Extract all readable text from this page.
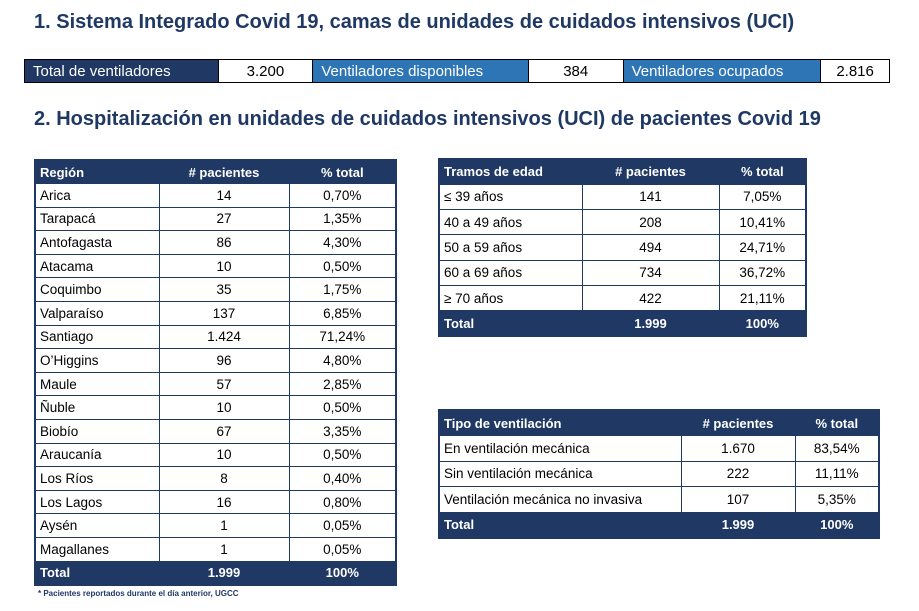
1. Sistema Integrado Covid 19, camas de unidades de cuidados intensivos (UCI)
Total de ventiladores	3.200	Ventiladores disponibles	384	Ventiladores ocupados	2.816
2. Hospitalización en unidades de cuidados intensivos (UCI) de pacientes Covid 19
Región	# pacientes	% total
Arica	14	0,70%
Tarapacá	27	1,35%
Antofagasta	86	4,30%
Atacama	10	0,50%
Coquimbo	35	1,75%
Valparaíso	137	6,85%
Santiago	1.424	71,24%
O’Higgins	96	4,80%
Maule	57	2,85%
Ñuble	10	0,50%
Biobío	67	3,35%
Araucanía	10	0,50%
Los Ríos	8	0,40%
Los Lagos	16	0,80%
Aysén	1	0,05%
Magallanes	1	0,05%
Total	1.999	100%
Tramos de edad	# pacientes	% total
≤ 39 años	141	7,05%
40 a 49 años	208	10,41%
50 a 59 años	494	24,71%
60 a 69 años	734	36,72%
≥ 70 años	422	21,11%
Total	1.999	100%
Tipo de ventilación	# pacientes	% total
En ventilación mecánica	1.670	83,54%
Sin ventilación mecánica	222	11,11%
Ventilación mecánica no invasiva	107	5,35%
Total	1.999	100%
* Pacientes reportados durante el día anterior, UGCC
